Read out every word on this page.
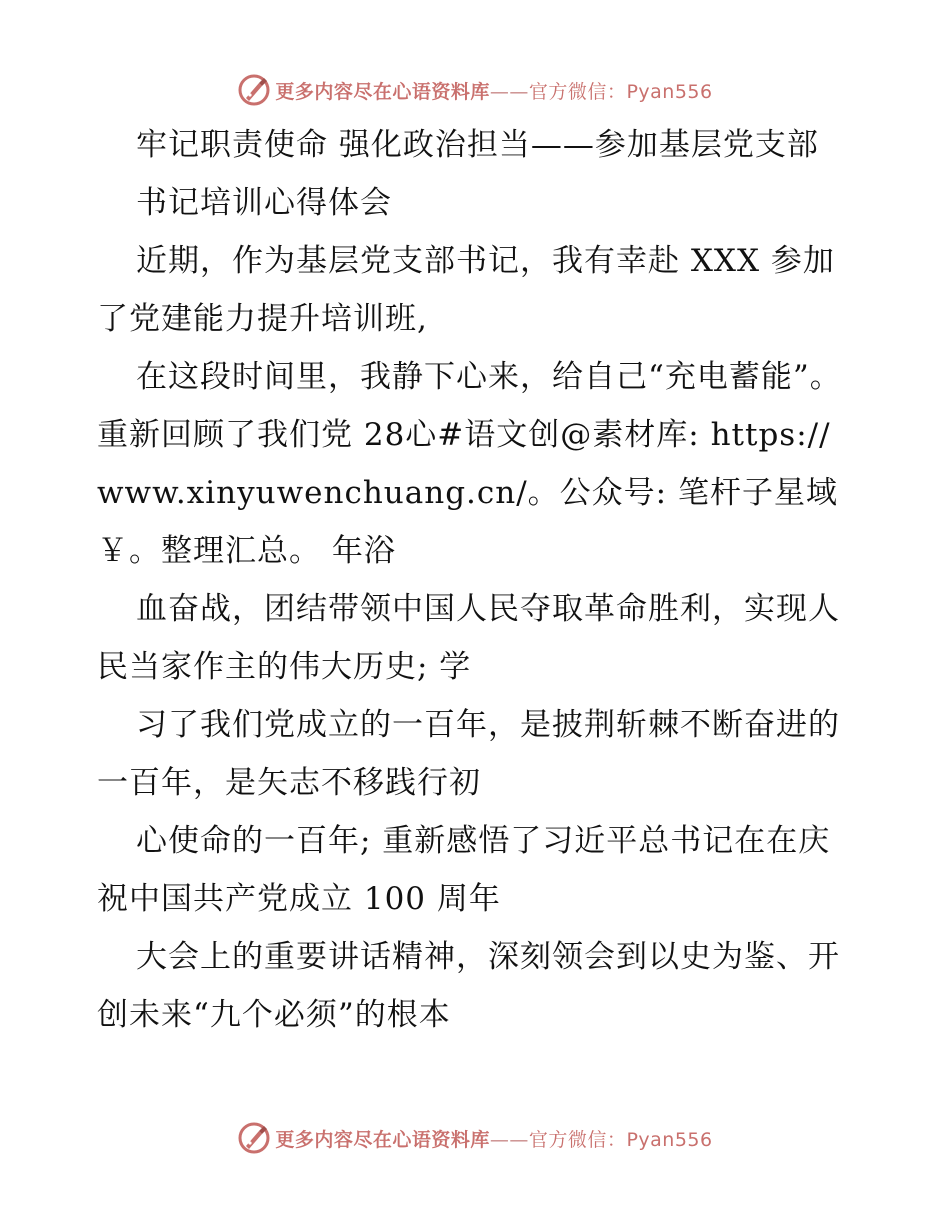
更多内容尽在心语资料库——官方微信：Pyan556

牢记职责使命 强化政治担当——参加基层党支部

书记培训心得体会

近期，作为基层党支部书记，我有幸赴 XXX 参加了党建能力提升培训班,

在这段时间里，我静下心来，给自己“充电蓄能”。重新回顾了我们党 28心#语文创@素材库: https://www.xinyuwenchuang.cn/。公众号: 笔杆子星域￥。整理汇总。 年浴

血奋战，团结带领中国人民夺取革命胜利，实现人民当家作主的伟大历史; 学

习了我们党成立的一百年，是披荆斩棘不断奋进的一百年，是矢志不移践行初

心使命的一百年; 重新感悟了习近平总书记在在庆祝中国共产党成立 100 周年

大会上的重要讲话精神，深刻领会到以史为鉴、开创未来“九个必须”的根本

更多内容尽在心语资料库——官方微信：Pyan556
